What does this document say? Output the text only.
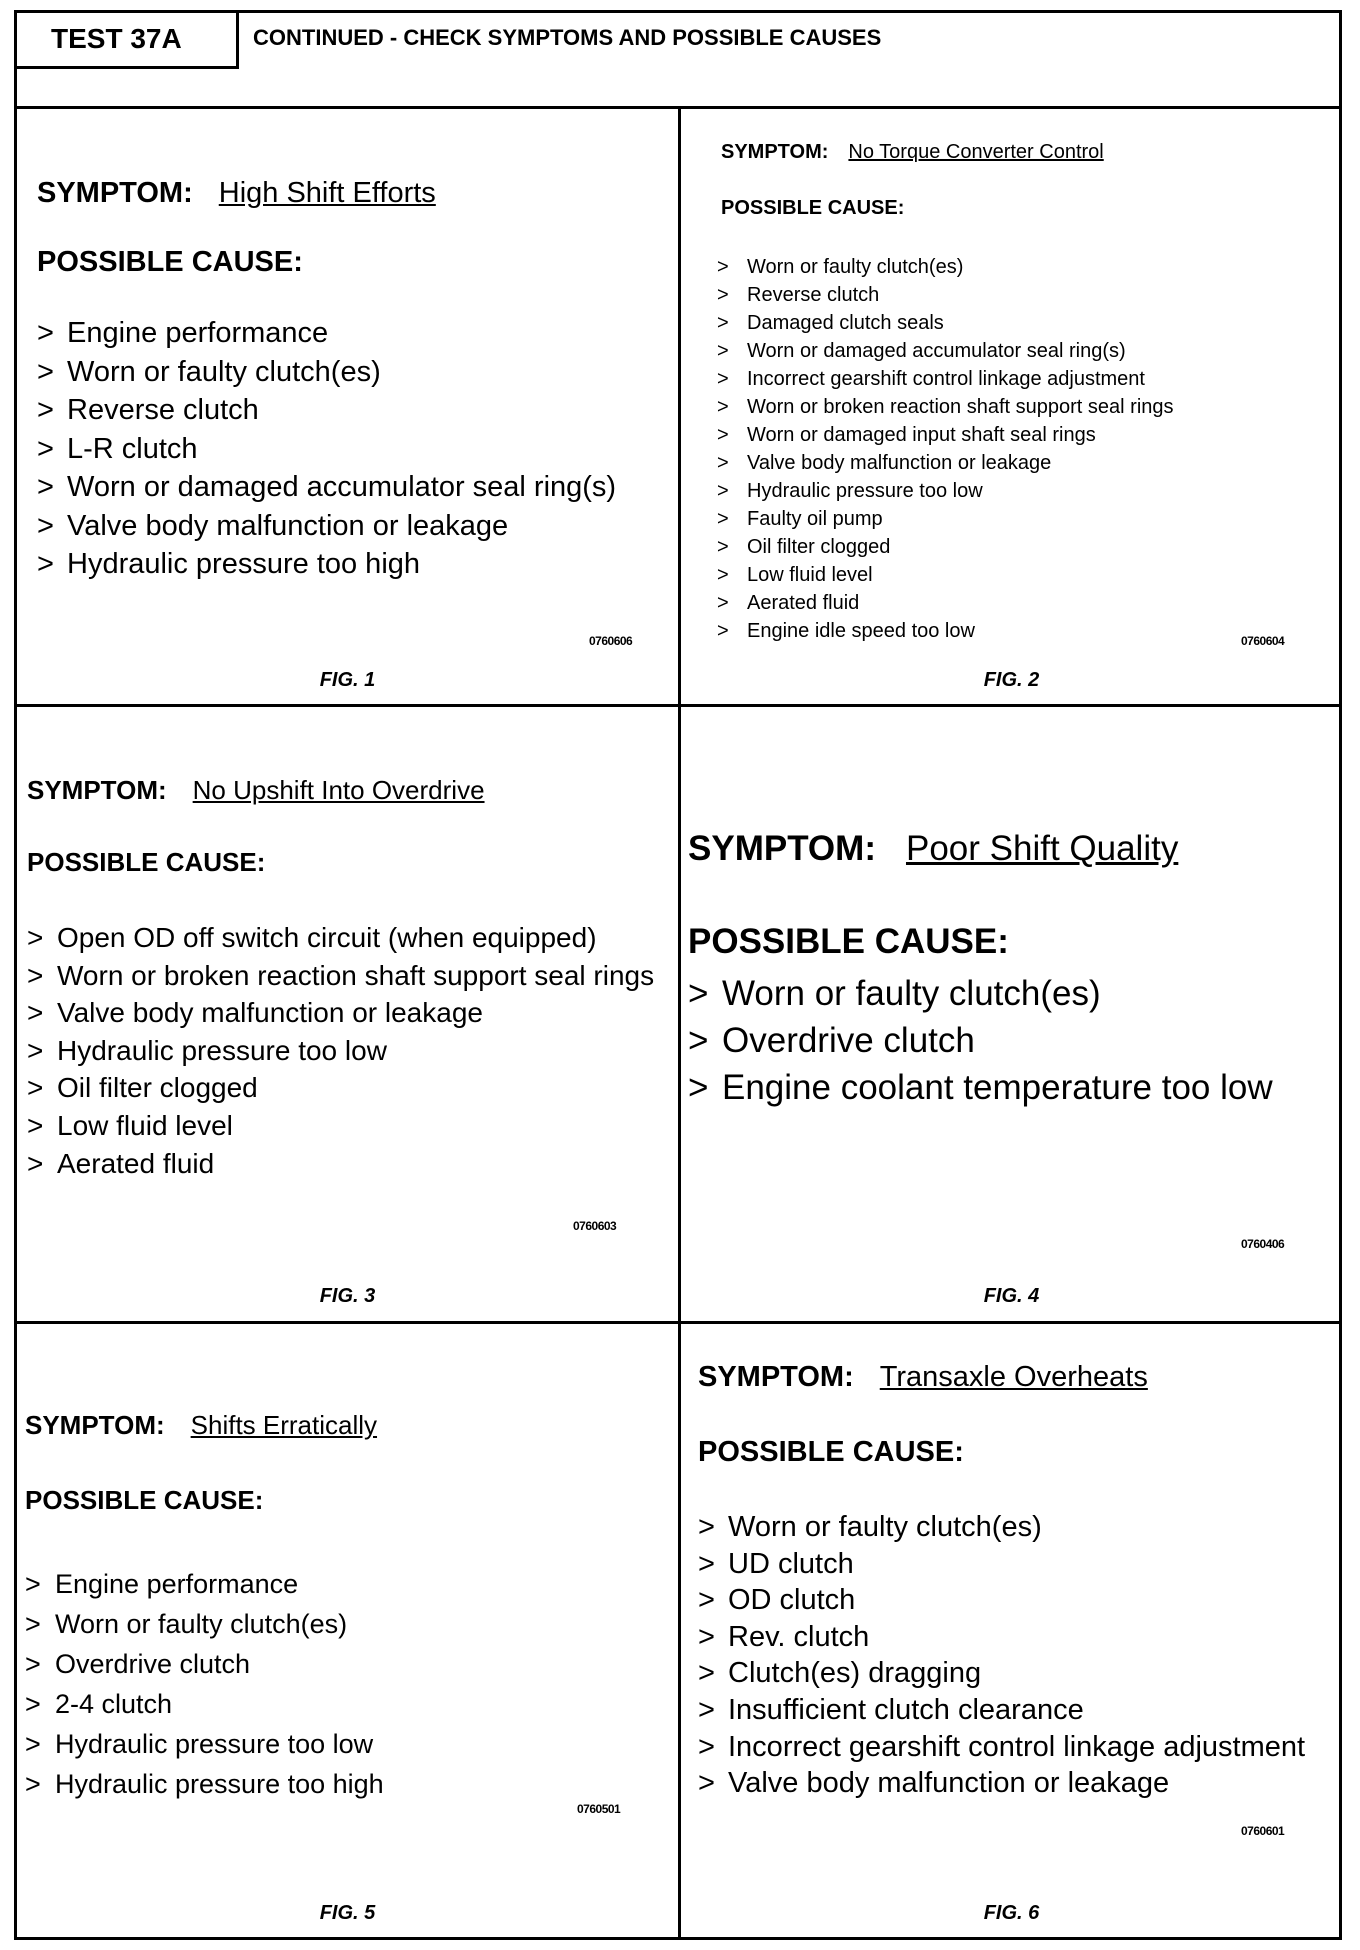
TEST 37A	CONTINUED - CHECK SYMPTOMS AND POSSIBLE CAUSES
SYMPTOM: High Shift Efforts
POSSIBLE CAUSE:
> Engine performance
> Worn or faulty clutch(es)
> Reverse clutch
> L-R clutch
> Worn or damaged accumulator seal ring(s)
> Valve body malfunction or leakage
> Hydraulic pressure too high
0760606
FIG. 1
SYMPTOM: No Torque Converter Control
POSSIBLE CAUSE:
> Worn or faulty clutch(es)
> Reverse clutch
> Damaged clutch seals
> Worn or damaged accumulator seal ring(s)
> Incorrect gearshift control linkage adjustment
> Worn or broken reaction shaft support seal rings
> Worn or damaged input shaft seal rings
> Valve body malfunction or leakage
> Hydraulic pressure too low
> Faulty oil pump
> Oil filter clogged
> Low fluid level
> Aerated fluid
> Engine idle speed too low	0760604
FIG. 2
SYMPTOM: No Upshift Into Overdrive
POSSIBLE CAUSE:
> Open OD off switch circuit (when equipped)
> Worn or broken reaction shaft support seal rings
> Valve body malfunction or leakage
> Hydraulic pressure too low
> Oil filter clogged
> Low fluid level
> Aerated fluid
0760603
FIG. 3
SYMPTOM: Poor Shift Quality
POSSIBLE CAUSE:
> Worn or faulty clutch(es)
> Overdrive clutch
> Engine coolant temperature too low
0760406
FIG. 4
SYMPTOM: Shifts Erratically
POSSIBLE CAUSE:
> Engine performance
> Worn or faulty clutch(es)
> Overdrive clutch
> 2-4 clutch
> Hydraulic pressure too low
> Hydraulic pressure too high
0760501
FIG. 5
SYMPTOM: Transaxle Overheats
POSSIBLE CAUSE:
> Worn or faulty clutch(es)
> UD clutch
> OD clutch
> Rev. clutch
> Clutch(es) dragging
> Insufficient clutch clearance
> Incorrect gearshift control linkage adjustment
> Valve body malfunction or leakage
0760601
FIG. 6
